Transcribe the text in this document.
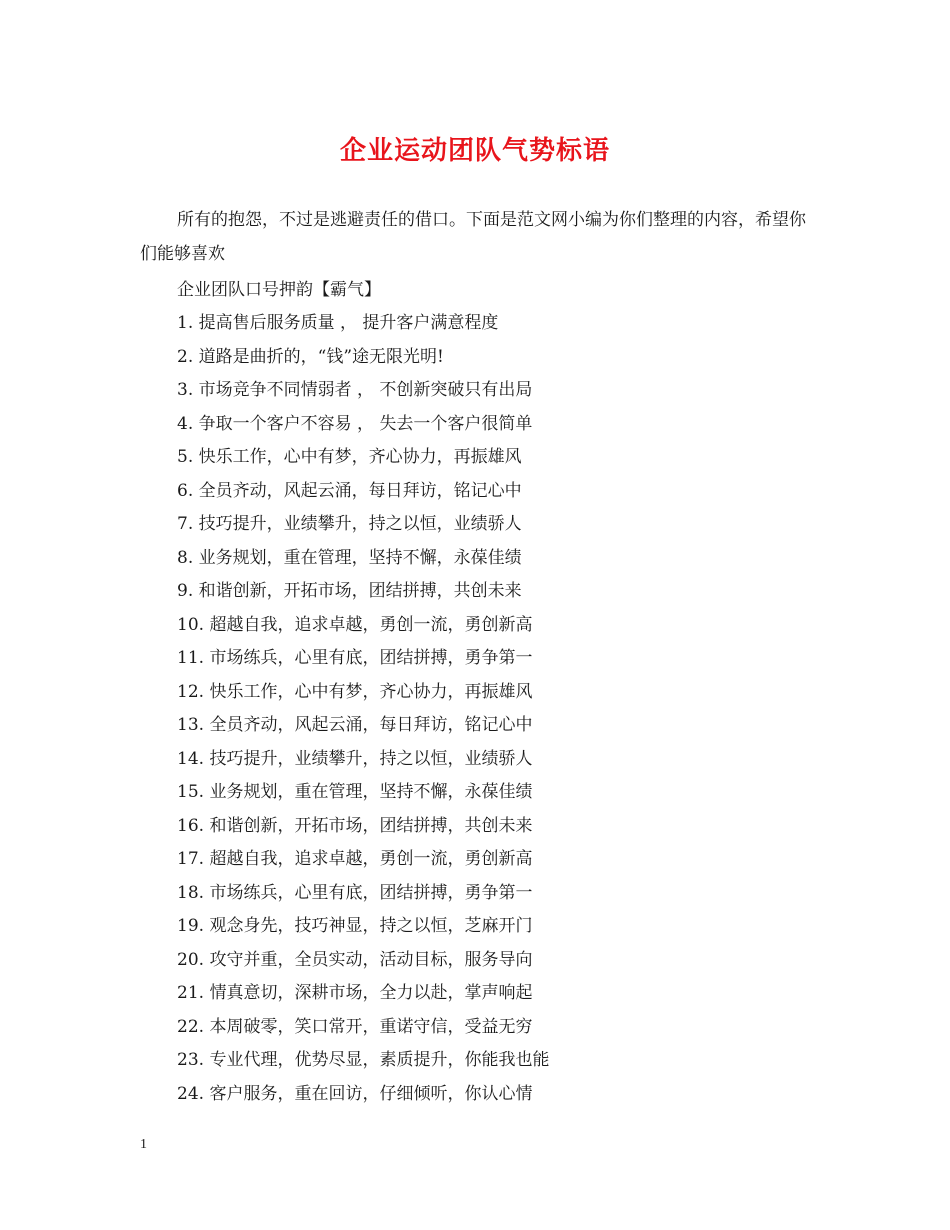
企业运动团队气势标语

所有的抱怨，不过是逃避责任的借口。下面是范文网小编为你们整理的内容，希望你们能够喜欢

企业团队口号押韵【霸气】
1. 提高售后服务质量 ， 提升客户满意程度
2. 道路是曲折的，“钱”途无限光明!
3. 市场竞争不同情弱者 ， 不创新突破只有出局
4. 争取一个客户不容易 ， 失去一个客户很简单
5. 快乐工作，心中有梦，齐心协力，再振雄风
6. 全员齐动，风起云涌，每日拜访，铭记心中
7. 技巧提升，业绩攀升，持之以恒，业绩骄人
8. 业务规划，重在管理，坚持不懈，永葆佳绩
9. 和谐创新，开拓市场，团结拼搏，共创未来
10. 超越自我，追求卓越，勇创一流，勇创新高
11. 市场练兵，心里有底，团结拼搏，勇争第一
12. 快乐工作，心中有梦，齐心协力，再振雄风
13. 全员齐动，风起云涌，每日拜访，铭记心中
14. 技巧提升，业绩攀升，持之以恒，业绩骄人
15. 业务规划，重在管理，坚持不懈，永葆佳绩
16. 和谐创新，开拓市场，团结拼搏，共创未来
17. 超越自我，追求卓越，勇创一流，勇创新高
18. 市场练兵，心里有底，团结拼搏，勇争第一
19. 观念身先，技巧神显，持之以恒，芝麻开门
20. 攻守并重，全员实动，活动目标，服务导向
21. 情真意切，深耕市场，全力以赴，掌声响起
22. 本周破零，笑口常开，重诺守信，受益无穷
23. 专业代理，优势尽显，素质提升，你能我也能
24. 客户服务，重在回访，仔细倾听，你认心情
1
